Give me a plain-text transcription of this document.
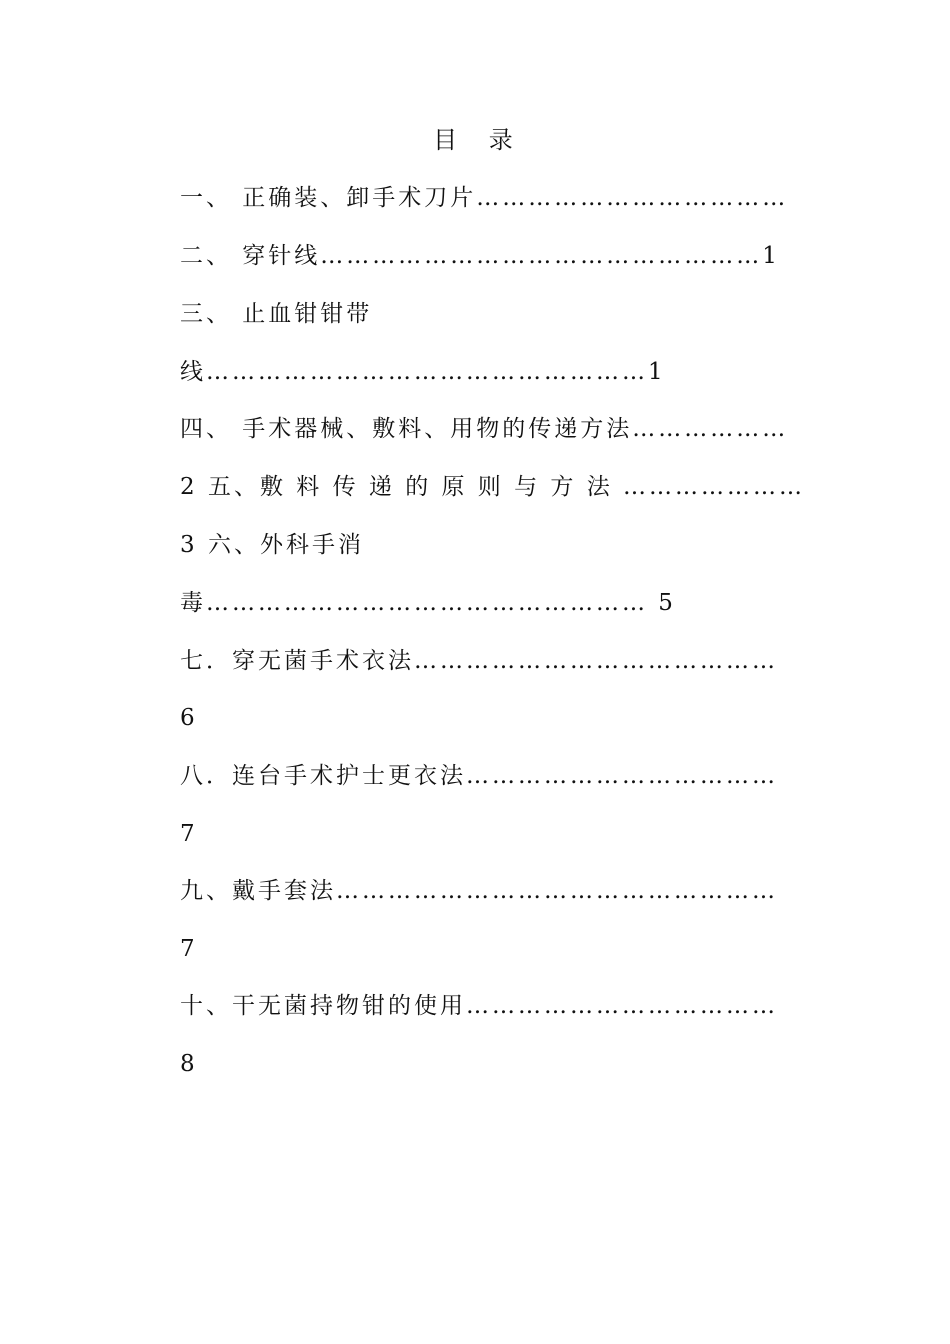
目 录
一、 正确装、卸手术刀片………………………………
二、 穿针线……………………………………………1
三、 止血钳钳带
线……………………………………………1
四、 手术器械、敷料、用物的传递方法………………
2 五、敷 料 传 递 的 原 则 与 方 法 …………………
3 六、外科手消
毒…………………………………………… 5
七．穿无菌手术衣法……………………………………
6
八．连台手术护士更衣法………………………………
7
九、戴手套法……………………………………………
7
十、干无菌持物钳的使用………………………………
8
